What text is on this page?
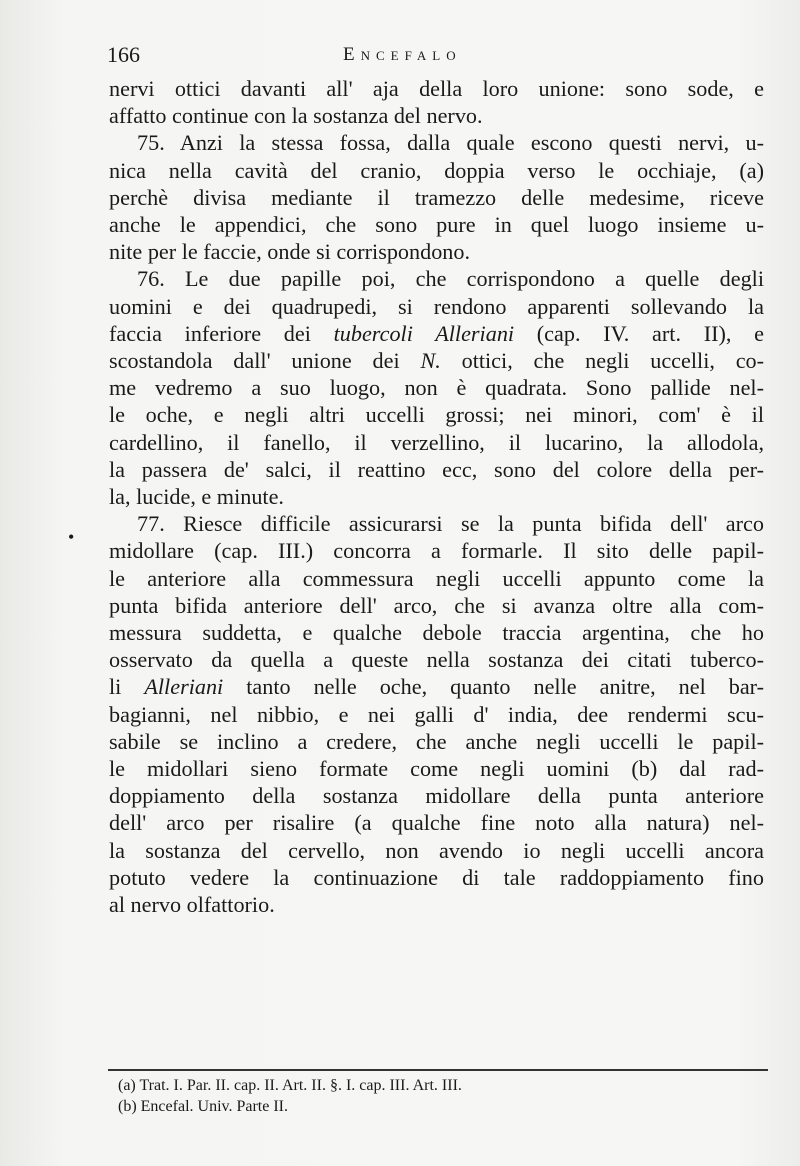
166	Encefalo
•
nervi ottici davanti all' aja della loro unione: sono sode, e
affatto continue con la sostanza del nervo.
75. Anzi la stessa fossa, dalla quale escono questi nervi, u-
nica nella cavità del cranio, doppia verso le occhiaje, (a)
perchè divisa mediante il tramezzo delle medesime, riceve
anche le appendici, che sono pure in quel luogo insieme u-
nite per le faccie, onde si corrispondono.
76. Le due papille poi, che corrispondono a quelle degli
uomini e dei quadrupedi, si rendono apparenti sollevando la
faccia inferiore dei tubercoli Alleriani (cap. IV. art. II), e
scostandola dall' unione dei N. ottici, che negli uccelli, co-
me vedremo a suo luogo, non è quadrata. Sono pallide nel-
le oche, e negli altri uccelli grossi; nei minori, com' è il
cardellino, il fanello, il verzellino, il lucarino, la allodola,
la passera de' salci, il reattino ecc, sono del colore della per-
la, lucide, e minute.
77. Riesce difficile assicurarsi se la punta bifida dell' arco
midollare (cap. III.) concorra a formarle. Il sito delle papil-
le anteriore alla commessura negli uccelli appunto come la
punta bifida anteriore dell' arco, che si avanza oltre alla com-
messura suddetta, e qualche debole traccia argentina, che ho
osservato da quella a queste nella sostanza dei citati tuberco-
li Alleriani tanto nelle oche, quanto nelle anitre, nel bar-
bagianni, nel nibbio, e nei galli d' india, dee rendermi scu-
sabile se inclino a credere, che anche negli uccelli le papil-
le midollari sieno formate come negli uomini (b) dal rad-
doppiamento della sostanza midollare della punta anteriore
dell' arco per risalire (a qualche fine noto alla natura) nel-
la sostanza del cervello, non avendo io negli uccelli ancora
potuto vedere la continuazione di tale raddoppiamento fino
al nervo olfattorio.
(a) Trat. I. Par. II. cap. II. Art. II. §. I. cap. III. Art. III.
(b) Encefal. Univ. Parte II.
